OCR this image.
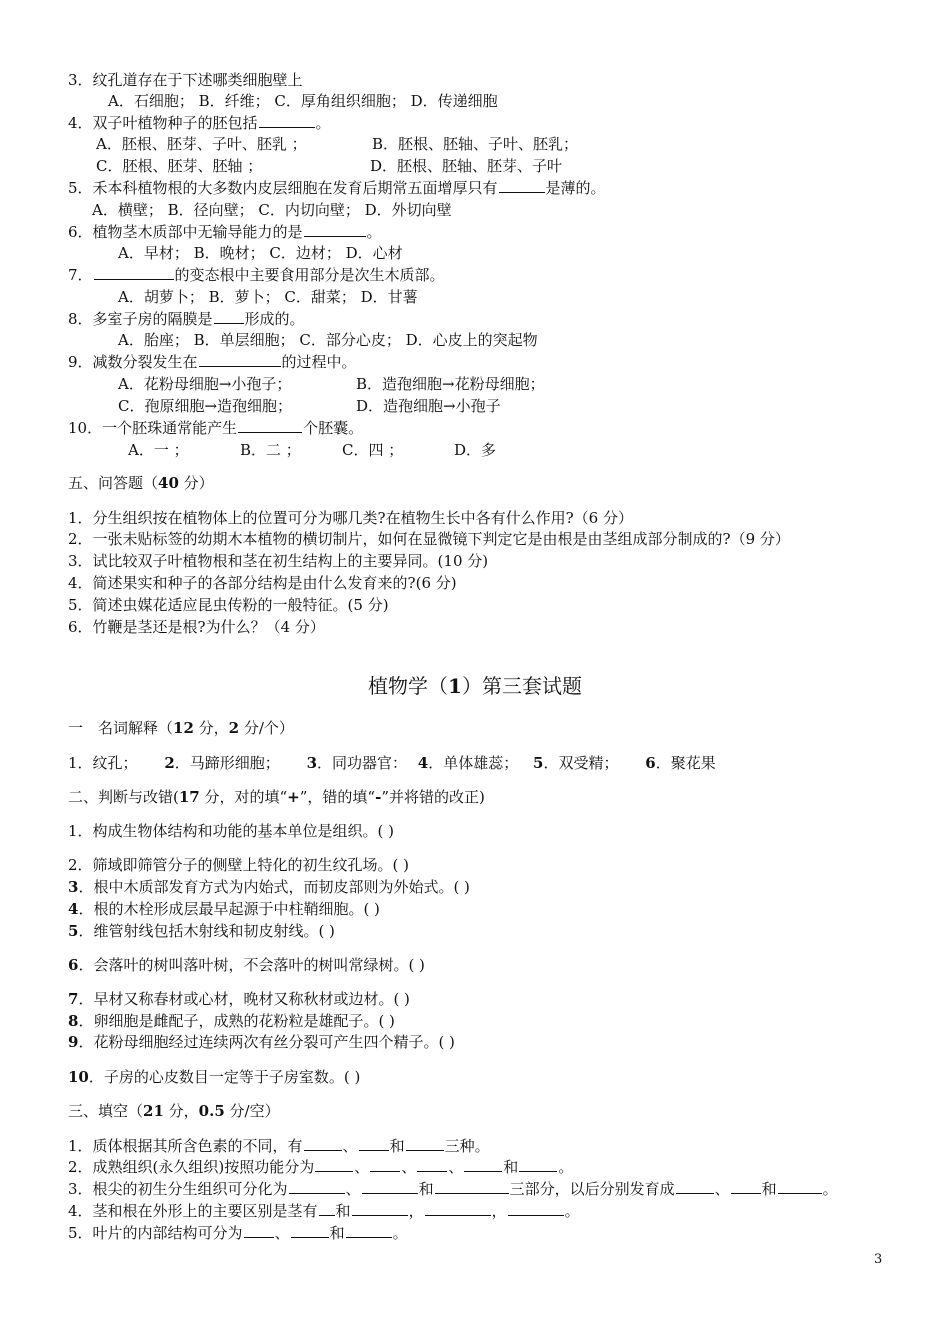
3．纹孔道存在于下述哪类细胞壁上
A．石细胞； B．纤维； C．厚角组织细胞； D．传递细胞
4．双子叶植物种子的胚包括	。
A．胚根、胚芽、子叶、胚乳 ；	B．胚根、胚轴、子叶、胚乳；
C．胚根、胚芽、胚轴 ；	D．胚根、胚轴、胚芽、子叶
5．禾本科植物根的大多数内皮层细胞在发育后期常五面增厚只有	是薄的。
A．横壁； B．径向壁； C．内切向壁； D．外切向壁
6．植物茎木质部中无输导能力的是	。
A．早材； B．晚材； C．边材； D．心材
7．	的变态根中主要食用部分是次生木质部。
A．胡萝卜； B．萝卜； C．甜菜； D．甘薯
8．多室子房的隔膜是 形成的。
A．胎座； B．单层细胞； C．部分心皮； D．心皮上的突起物
9．减数分裂发生在	的过程中。
A．花粉母细胞→小孢子；	B．造孢细胞→花粉母细胞；
C．孢原细胞→造孢细胞；	D．造孢细胞→小孢子
10．一个胚珠通常能产生	个胚囊。
A．一 ；	B．二 ；	C．四 ；	D．多
五、问答题（40 分）
1．分生组织按在植物体上的位置可分为哪几类?在植物生长中各有什么作用?（6 分）
2．一张未贴标签的幼期木本植物的横切制片，如何在显微镜下判定它是由根是由茎组成部分制成的?（9 分）
3．试比较双子叶植物根和茎在初生结构上的主要异同。(10 分)
4．简述果实和种子的各部分结构是由什么发育来的?(6 分)
5．简述虫媒花适应昆虫传粉的一般特征。(5 分)
6．竹鞭是茎还是根?为什么？（4 分）
植物学（1）第三套试题
一　名词解释（12 分，2 分/个）
1．纹孔； 2．马蹄形细胞； 3．同功器官： 4．单体雄蕊； 5．双受精； 6．聚花果
二、判断与改错(17 分，对的填“+”，错的填“-”并将错的改正)
1．构成生物体结构和功能的基本单位是组织。( )
2．筛域即筛管分子的侧壁上特化的初生纹孔场。( )
3．根中木质部发育方式为内始式，而韧皮部则为外始式。( )
4．根的木栓形成层最早起源于中柱鞘细胞。( )
5．维管射线包括木射线和韧皮射线。( )
6．会落叶的树叫落叶树，不会落叶的树叫常绿树。( )
7．早材又称春材或心材，晚材又称秋材或边材。( )
8．卵细胞是雌配子，成熟的花粉粒是雄配子。( )
9．花粉母细胞经过连续两次有丝分裂可产生四个精子。( )
10．子房的心皮数目一定等于子房室数。( )
三、填空（21 分，0.5 分/空）
1．质体根据其所含色素的不同，有	、 和	三种。
2．成熟组织(永久组织)按照功能分为	、 、 、	和	。
3．根尖的初生分生组织可分化为	、	和	三部分，以后分别发育成	、 和	。
4．茎和根在外形上的主要区别是茎有 和	，	，	。
5．叶片的内部结构可分为 、	和	。
3
